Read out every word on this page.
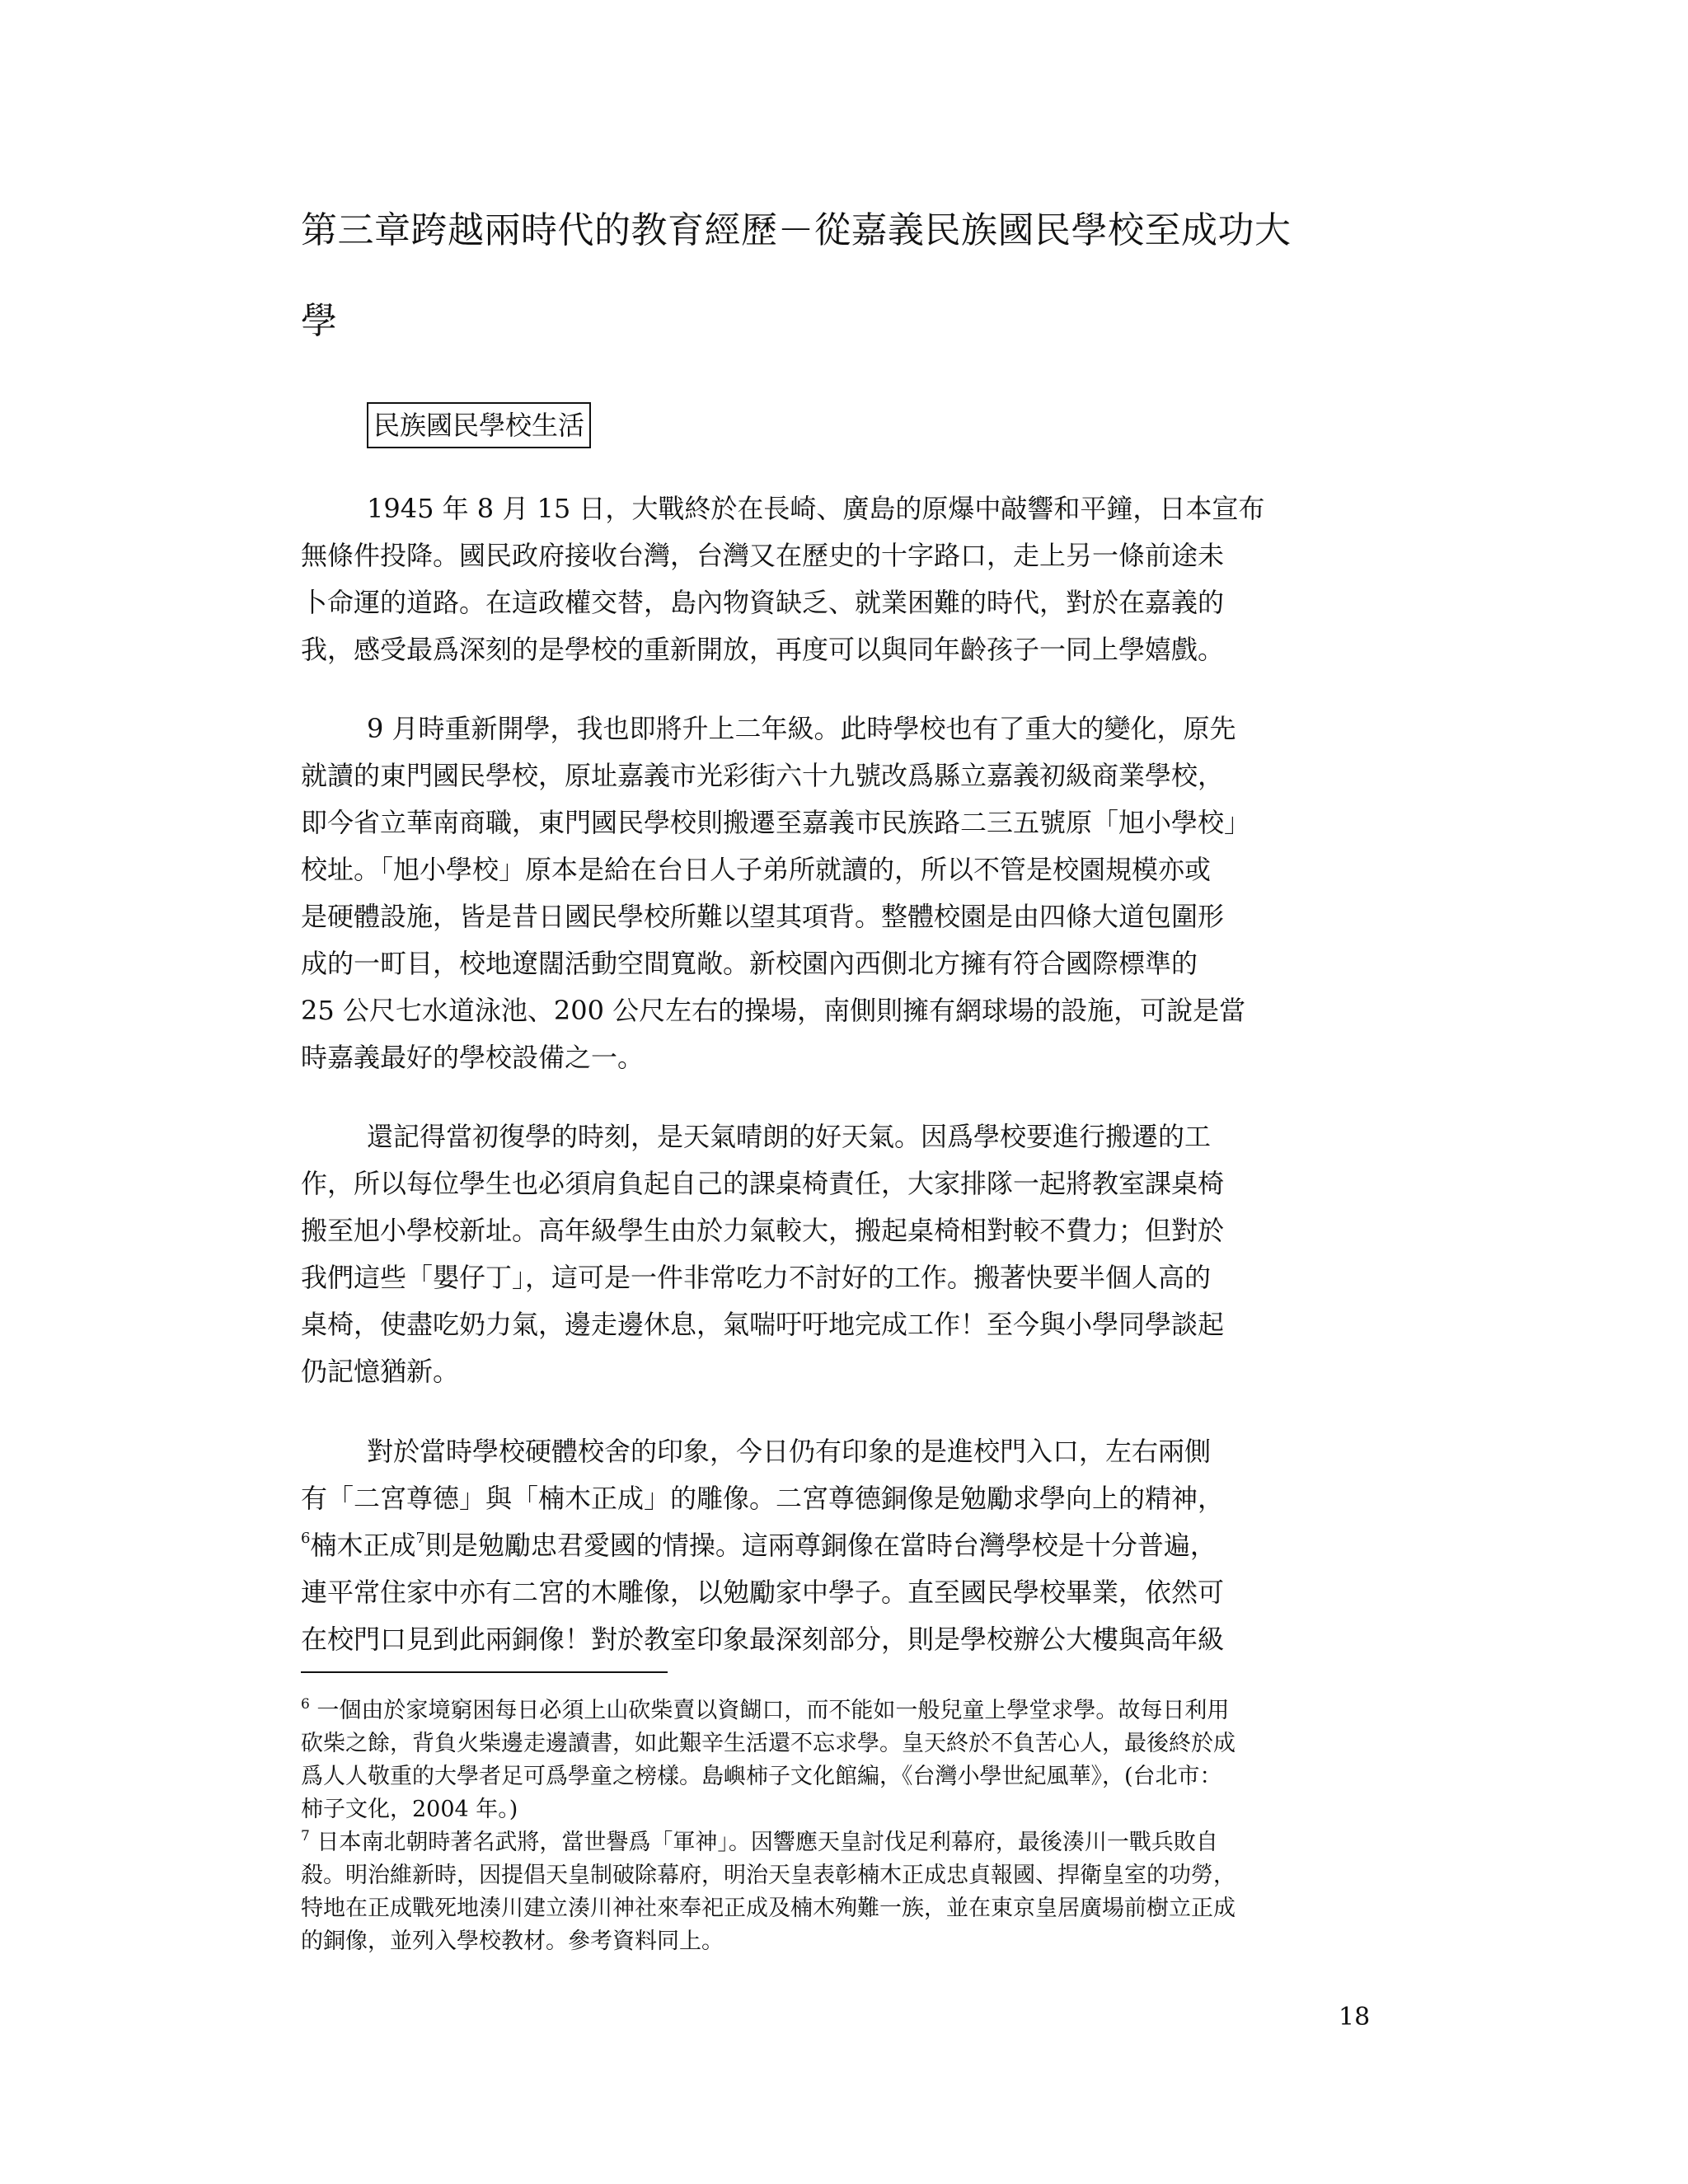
第三章跨越兩時代的教育經歷－從嘉義民族國民學校至成功大
學
民族國民學校生活
1945 年 8 月 15 日，大戰終於在長崎、廣島的原爆中敲響和平鐘，日本宣布
無條件投降。國民政府接收台灣，台灣又在歷史的十字路口，走上另一條前途未
卜命運的道路。在這政權交替，島內物資缺乏、就業困難的時代，對於在嘉義的
我，感受最爲深刻的是學校的重新開放，再度可以與同年齡孩子一同上學嬉戲。
9 月時重新開學，我也即將升上二年級。此時學校也有了重大的變化，原先
就讀的東門國民學校，原址嘉義市光彩街六十九號改爲縣立嘉義初級商業學校，
即今省立華南商職，東門國民學校則搬遷至嘉義市民族路二三五號原「旭小學校」
校址。「旭小學校」原本是給在台日人子弟所就讀的，所以不管是校園規模亦或
是硬體設施，皆是昔日國民學校所難以望其項背。整體校園是由四條大道包圍形
成的一町目，校地遼闊活動空間寬敞。新校園內西側北方擁有符合國際標準的
25 公尺七水道泳池、200 公尺左右的操場，南側則擁有網球場的設施，可說是當
時嘉義最好的學校設備之一。
還記得當初復學的時刻，是天氣晴朗的好天氣。因爲學校要進行搬遷的工
作，所以每位學生也必須肩負起自己的課桌椅責任，大家排隊一起將教室課桌椅
搬至旭小學校新址。高年級學生由於力氣較大，搬起桌椅相對較不費力；但對於
我們這些「嬰仔丁」，這可是一件非常吃力不討好的工作。搬著快要半個人高的
桌椅，使盡吃奶力氣，邊走邊休息，氣喘吁吁地完成工作！至今與小學同學談起
仍記憶猶新。
對於當時學校硬體校舍的印象，今日仍有印象的是進校門入口，左右兩側
有「二宮尊德」與「楠木正成」的雕像。二宮尊德銅像是勉勵求學向上的精神，
$^6$楠木正成$^7$則是勉勵忠君愛國的情操。這兩尊銅像在當時台灣學校是十分普遍，
連平常住家中亦有二宮的木雕像，以勉勵家中學子。直至國民學校畢業，依然可
在校門口見到此兩銅像！對於教室印象最深刻部分，則是學校辦公大樓與高年級
$^6$ 一個由於家境窮困每日必須上山砍柴賣以資餬口，而不能如一般兒童上學堂求學。故每日利用
砍柴之餘，背負火柴邊走邊讀書，如此艱辛生活還不忘求學。皇天終於不負苦心人，最後終於成
爲人人敬重的大學者足可爲學童之榜樣。島嶼柿子文化館編，《台灣小學世紀風華》，(台北市：
柿子文化，2004 年。)
$^7$ 日本南北朝時著名武將，當世譽爲「軍神」。因響應天皇討伐足利幕府，最後湊川一戰兵敗自
殺。明治維新時，因提倡天皇制破除幕府，明治天皇表彰楠木正成忠貞報國、捍衛皇室的功勞，
特地在正成戰死地湊川建立湊川神社來奉祀正成及楠木殉難一族，並在東京皇居廣場前樹立正成
的銅像，並列入學校教材。參考資料同上。
18
